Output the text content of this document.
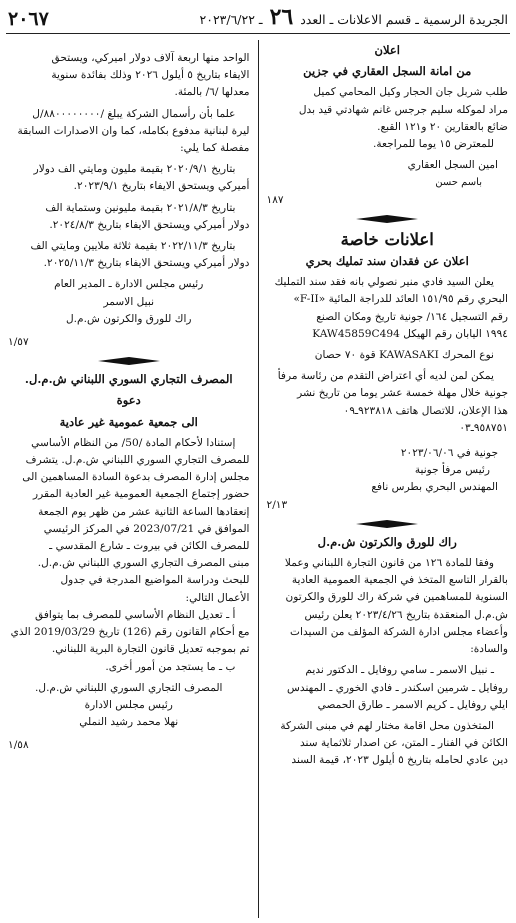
الجريدة الرسمية ـ قسم الاعلانات ـ العدد ٢٦ ـ ٢٠٢٣/٦/٢٢
٢٠٦٧
اعلان
من امانة السجل العقاري في جزين

طلب شربل جان الحجار وكيل المحامي كميل

مراد لموكله سليم جرجس غانم شهادتي قيد بدل

ضائع بالعقارين ٢٠ و١٢١ القبع.

للمعترض ١٥ يوما للمراجعة.

امين السجل العقاري
باسم حسن
١٨٧
اعلانات خاصة
اعلان عن فقدان سند تمليك بحري

يعلن السيد فادي منير نصولي بانه فقد سند التمليك

البحري رقم ١٥١/٩٥ العائد للدراجة المائية «F-II»

رقم التسجيل ١٦٤/ جونية تاريخ ومكان الصنع

١٩٩٤ اليابان رقم الهيكل KAW45859C494

نوع المحرك KAWASAKI قوة ٧٠ حصان

يمكن لمن لديه أي اعتراض التقدم من رئاسة مرفأ

جونية خلال مهلة خمسة عشر يوما من تاريخ نشر

هذا الإعلان، للاتصال هاتف ٩٢٣٨١٨ـ٠٩

٩٥٨٧٥١ـ٠٣

جونية في ٢٠٢٣/٠٦/٠٦
رئيس مرفأ جونية
المهندس البحري بطرس نافع
٢/١٣
راك للورق والكرتون ش.م.ل

وفقا للمادة ١٢٦ من قانون التجارة اللبناني وعملا

بالقرار التاسع المتخذ في الجمعية العمومية العادية

السنوية للمساهمين في شركة راك للورق والكرتون

ش.م.ل المنعقدة بتاريخ ٢٠٢٣/٤/٢٦ يعلن رئيس

وأعضاء مجلس ادارة الشركة المؤلف من السيدات

والسادة:

ـ نبيل الاسمر ـ سامي روفايل ـ الدكتور نديم

روفايل ـ شرمين اسكندر ـ فادي الخوري ـ المهندس

ايلي روفايل ـ كريم الاسمر ـ طارق الحمصي

المتخذون محل اقامة مختار لهم في مبنى الشركة

الكائن في الفنار ـ المتن، عن اصدار ثلاثماية سند

دين عادي لحامله بتاريخ ٥ أيلول ٢٠٢٣، قيمة السند

الواحد منها اربعة آلاف دولار اميركي، ويستحق

الايفاء بتاريخ ٥ أيلول ٢٠٢٦ وذلك بفائدة سنوية

معدلها /٦/ بالمئة.

علما بأن رأسمال الشركة يبلغ /٨٨٠٠٠٠٠٠٠٠/ل

ليرة لبنانية مدفوع بكامله، كما وان الاصدارات السابقة

مفصلة كما يلي:

بتاريخ ٢٠٢٠/٩/١ بقيمة مليون ومايتي الف دولار

أميركي ويستحق الايفاء بتاريخ ٢٠٢٣/٩/١.

بتاريخ ٢٠٢١/٨/٣ بقيمة مليونين وستماية الف

دولار أميركي ويستحق الايفاء بتاريخ ٢٠٢٤/٨/٣.

بتاريخ ٢٠٢٢/١١/٣ بقيمة ثلاثة ملايين ومايتي الف

دولار أميركي ويستحق الايفاء بتاريخ ٢٠٢٥/١١/٣.

رئيس مجلس الادارة ـ المدير العام
نبيل الاسمر
راك للورق والكرتون ش.م.ل
١/٥٧
المصرف التجاري السوري اللبناني ش.م.ل.
دعوة
الى جمعية عمومية غير عادية

إستنادا لأحكام المادة /50/ من النظام الأساسي

للمصرف التجاري السوري اللبناني ش.م.ل. يتشرف

مجلس إدارة المصرف بدعوة السادة المساهمين الى

حضور إجتماع الجمعية العمومية غير العادية المقرر

إنعقادها الساعة الثانية عشر من ظهر يوم الجمعة

الموافق في 2023/07/21 في المركز الرئيسي

للمصرف الكائن في بيروت ـ شارع المقدسي ـ

مبنى المصرف التجاري السوري اللبناني ش.م.ل.

للبحث ودراسة المواضيع المدرجة في جدول

الأعمال التالي:

أ ـ تعديل النظام الأساسي للمصرف بما يتوافق

مع أحكام القانون رقم (126) تاريخ 2019/03/29 الذي

تم بموجبه تعديل قانون التجارة البرية اللبناني.

ب ـ ما يستجد من أمور أخرى.

المصرف التجاري السوري اللبناني ش.م.ل.
رئيس مجلس الادارة
نهلا محمد رشيد النملي
١/٥٨
